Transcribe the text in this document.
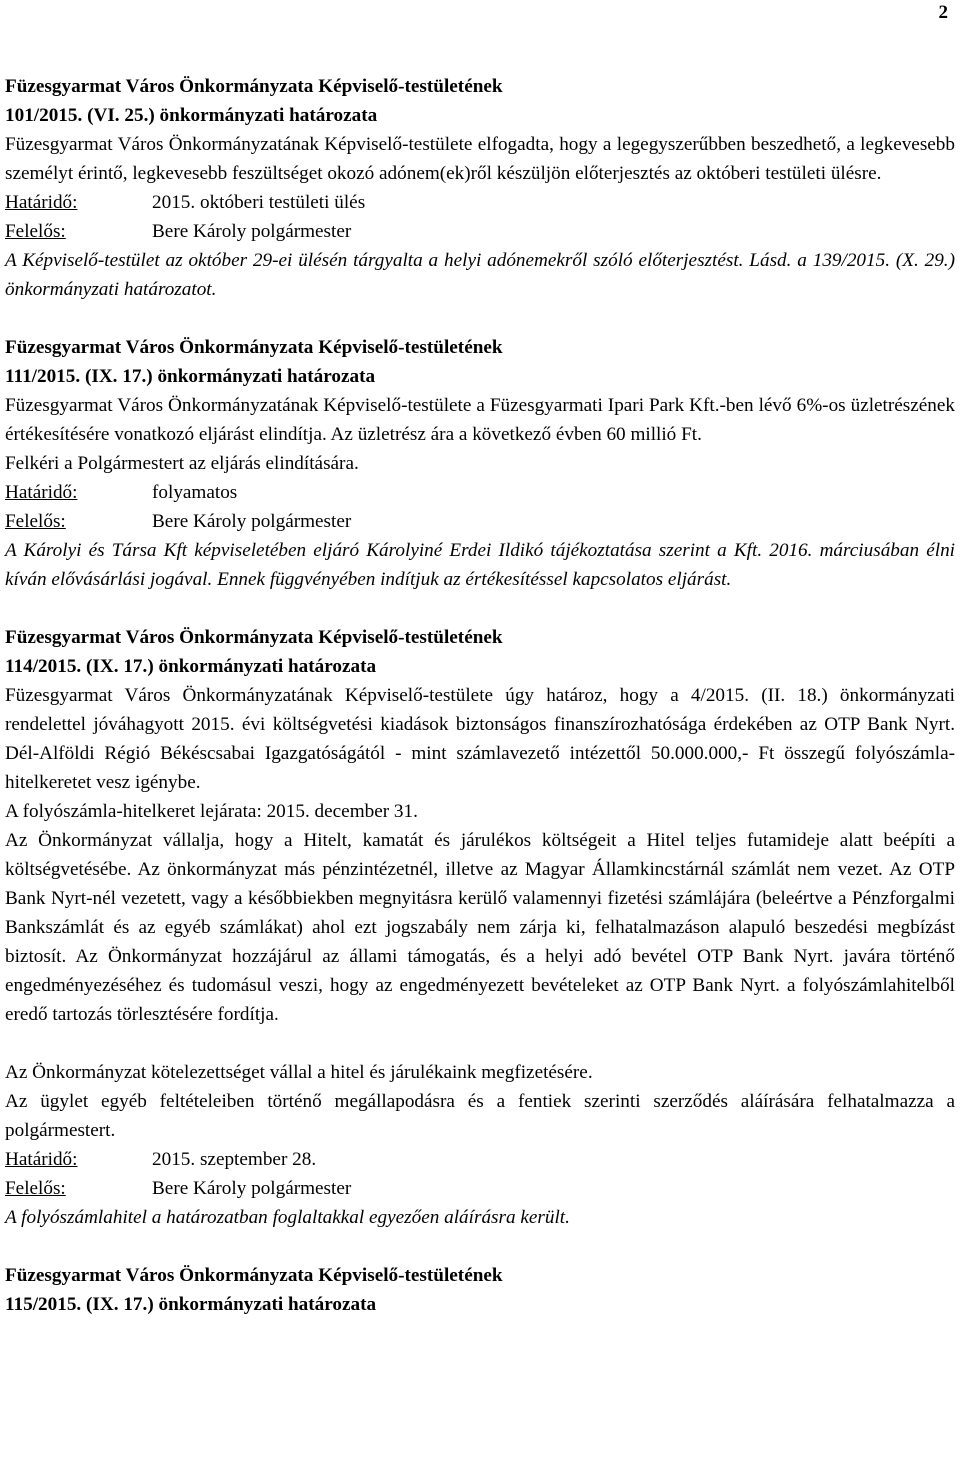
2
Füzesgyarmat Város Önkormányzata Képviselő-testületének
101/2015. (VI. 25.) önkormányzati határozata

Füzesgyarmat Város Önkormányzatának Képviselő-testülete elfogadta, hogy a legegyszerűbben beszedhető, a legkevesebb személyt érintő, legkevesebb feszültséget okozó adónem(ek)ről készüljön előterjesztés az októberi testületi ülésre.

Határidő:	2015. októberi testületi ülés
Felelős:	Bere Károly polgármester

A Képviselő-testület az október 29-ei ülésén tárgyalta a helyi adónemekről szóló előterjesztést. Lásd. a 139/2015. (X. 29.) önkormányzati határozatot.

Füzesgyarmat Város Önkormányzata Képviselő-testületének
111/2015. (IX. 17.) önkormányzati határozata

Füzesgyarmat Város Önkormányzatának Képviselő-testülete a Füzesgyarmati Ipari Park Kft.-ben lévő 6%-os üzletrészének értékesítésére vonatkozó eljárást elindítja. Az üzletrész ára a következő évben 60 millió Ft.

Felkéri a Polgármestert az eljárás elindítására.

Határidő:	folyamatos
Felelős:	Bere Károly polgármester

A Károlyi és Társa Kft képviseletében eljáró Károlyiné Erdei Ildikó tájékoztatása szerint a Kft. 2016. márciusában élni kíván elővásárlási jogával. Ennek függvényében indítjuk az értékesítéssel kapcsolatos eljárást.

Füzesgyarmat Város Önkormányzata Képviselő-testületének
114/2015. (IX. 17.) önkormányzati határozata

Füzesgyarmat Város Önkormányzatának Képviselő-testülete úgy határoz, hogy a 4/2015. (II. 18.) önkormányzati rendelettel jóváhagyott 2015. évi költségvetési kiadások biztonságos finanszírozhatósága érdekében az OTP Bank Nyrt. Dél-Alföldi Régió Békéscsabai Igazgatóságától - mint számlavezető intézettől 50.000.000,- Ft összegű folyószámla-hitelkeretet vesz igénybe.

A folyószámla-hitelkeret lejárata: 2015. december 31.

Az Önkormányzat vállalja, hogy a Hitelt, kamatát és járulékos költségeit a Hitel teljes futamideje alatt beépíti a költségvetésébe. Az önkormányzat más pénzintézetnél, illetve az Magyar Államkincstárnál számlát nem vezet. Az OTP Bank Nyrt-nél vezetett, vagy a későbbiekben megnyitásra kerülő valamennyi fizetési számlájára (beleértve a Pénzforgalmi Bankszámlát és az egyéb számlákat) ahol ezt jogszabály nem zárja ki, felhatalmazáson alapuló beszedési megbízást biztosít. Az Önkormányzat hozzájárul az állami támogatás, és a helyi adó bevétel OTP Bank Nyrt. javára történő engedményezéséhez és tudomásul veszi, hogy az engedményezett bevételeket az OTP Bank Nyrt. a folyószámlahitelből eredő tartozás törlesztésére fordítja.

Az Önkormányzat kötelezettséget vállal a hitel és járulékaink megfizetésére.

Az ügylet egyéb feltételeiben történő megállapodásra és a fentiek szerinti szerződés aláírására felhatalmazza a polgármestert.

Határidő:	2015. szeptember 28.
Felelős:	Bere Károly polgármester

A folyószámlahitel a határozatban foglaltakkal egyezően aláírásra került.

Füzesgyarmat Város Önkormányzata Képviselő-testületének
115/2015. (IX. 17.) önkormányzati határozata
